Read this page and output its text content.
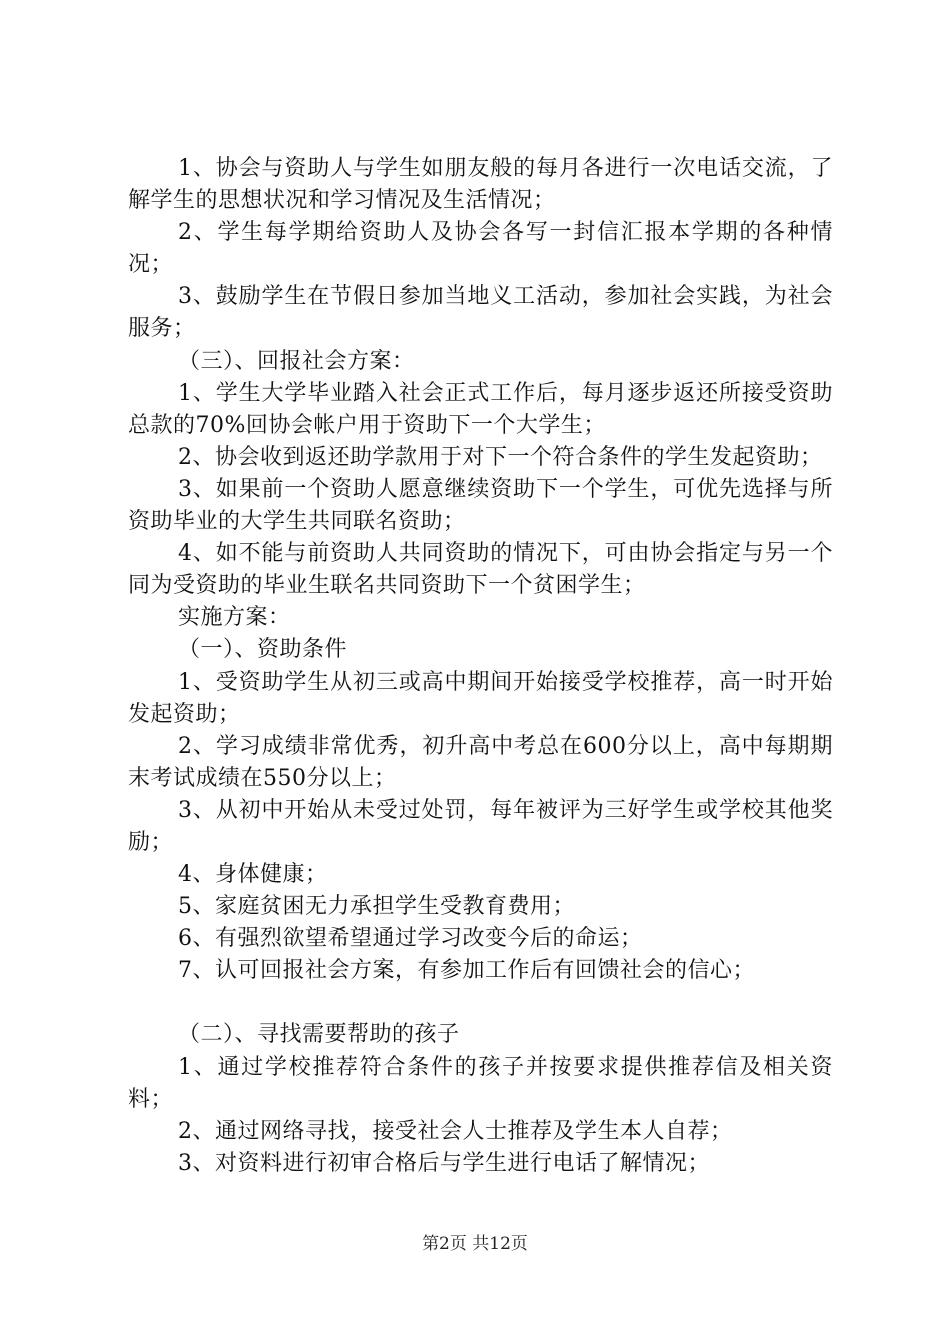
1、协会与资助人与学生如朋友般的每月各进行一次电话交流，了解学生的思想状况和学习情况及生活情况；

2、学生每学期给资助人及协会各写一封信汇报本学期的各种情况；

3、鼓励学生在节假日参加当地义工活动，参加社会实践，为社会服务；

（三）、回报社会方案：

1、学生大学毕业踏入社会正式工作后，每月逐步返还所接受资助总款的70%回协会帐户用于资助下一个大学生；

2、协会收到返还助学款用于对下一个符合条件的学生发起资助；

3、如果前一个资助人愿意继续资助下一个学生，可优先选择与所资助毕业的大学生共同联名资助；

4、如不能与前资助人共同资助的情况下，可由协会指定与另一个同为受资助的毕业生联名共同资助下一个贫困学生；

实施方案：

（一）、资助条件

1、受资助学生从初三或高中期间开始接受学校推荐，高一时开始发起资助；

2、学习成绩非常优秀，初升高中考总在600分以上，高中每期期末考试成绩在550分以上；

3、从初中开始从未受过处罚，每年被评为三好学生或学校其他奖励；

4、身体健康；

5、家庭贫困无力承担学生受教育费用；

6、有强烈欲望希望通过学习改变今后的命运；

7、认可回报社会方案，有参加工作后有回馈社会的信心；

（二）、寻找需要帮助的孩子

1、通过学校推荐符合条件的孩子并按要求提供推荐信及相关资料；

2、通过网络寻找，接受社会人士推荐及学生本人自荐；

3、对资料进行初审合格后与学生进行电话了解情况；

第2页 共12页
